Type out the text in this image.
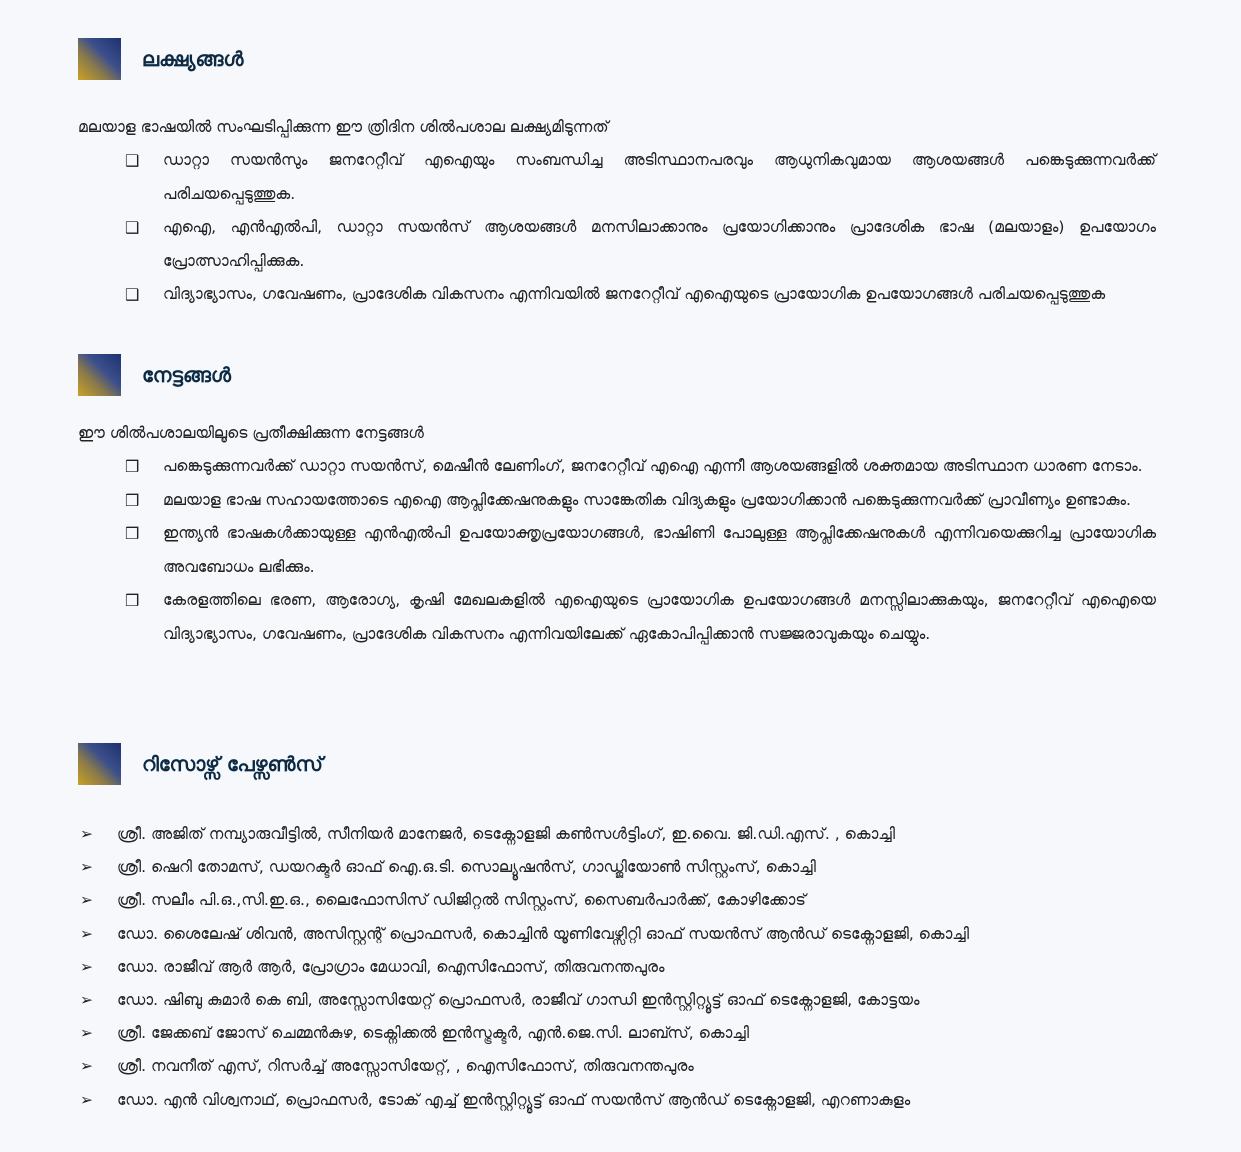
ലക്ഷ്യങ്ങൾ
മലയാള ഭാഷയിൽ സംഘടിപ്പിക്കുന്ന ഈ ത്രിദിന ശിൽപശാല ലക്ഷ്യമിടുന്നത്
❑	ഡാറ്റാ സയൻസും ജനറേറ്റീവ് എഐയും സംബന്ധിച്ച അടിസ്ഥാനപരവും ആധുനികവുമായ ആശയങ്ങൾ പങ്കെടുക്കുന്നവർക്ക് പരിചയപ്പെടുത്തുക.
❑	എഐ, എൻഎൽപി, ഡാറ്റാ സയൻസ് ആശയങ്ങൾ മനസിലാക്കാനും പ്രയോഗിക്കാനും പ്രാദേശിക ഭാഷ (മലയാളം) ഉപയോഗം പ്രോത്സാഹിപ്പിക്കുക.
❑	വിദ്യാഭ്യാസം, ഗവേഷണം, പ്രാദേശിക വികസനം എന്നിവയിൽ ജനറേറ്റീവ് എഐയുടെ പ്രായോഗിക ഉപയോഗങ്ങൾ പരിചയപ്പെടുത്തുക
നേട്ടങ്ങൾ
ഈ ശിൽപശാലയിലൂടെ പ്രതീക്ഷിക്കുന്ന നേട്ടങ്ങൾ
❒	പങ്കെടുക്കുന്നവർക്ക് ഡാറ്റാ സയൻസ്, മെഷീൻ ലേണിംഗ്, ജനറേറ്റീവ് എഐ എന്നീ ആശയങ്ങളിൽ ശക്തമായ അടിസ്ഥാന ധാരണ നേടാം.
❒	മലയാള ഭാഷ സഹായത്തോടെ എഐ ആപ്ലിക്കേഷനുകളും സാങ്കേതിക വിദ്യകളും പ്രയോഗിക്കാൻ പങ്കെടുക്കുന്നവർക്ക് പ്രാവീണ്യം ഉണ്ടാകും.
❒	ഇന്ത്യൻ ഭാഷകൾക്കായുള്ള എൻഎൽപി ഉപയോക്തൃപ്രയോഗങ്ങൾ, ഭാഷിണി പോലുള്ള ആപ്ലിക്കേഷനുകൾ എന്നിവയെക്കുറിച്ച പ്രായോഗിക അവബോധം ലഭിക്കും.
❒	കേരളത്തിലെ ഭരണ, ആരോഗ്യ, കൃഷി മേഖലകളിൽ എഐയുടെ പ്രായോഗിക ഉപയോഗങ്ങൾ മനസ്സിലാക്കുകയും, ജനറേറ്റീവ് എഐയെ വിദ്യാഭ്യാസം, ഗവേഷണം, പ്രാദേശിക വികസനം എന്നിവയിലേക്ക് ഏകോപിപ്പിക്കാൻ സജ്ജരാവുകയും ചെയ്യും.
റിസോഴ്സ് പേഴ്സൺസ്
➢	ശ്രീ. അജിത് നമ്പ്യാരുവീട്ടിൽ, സീനിയർ മാനേജർ, ടെക്നോളജി കൺസൾട്ടിംഗ്, ഇ.വൈ. ജി.ഡി.എസ്. , കൊച്ചി
➢	ശ്രീ. ഷെറി തോമസ്, ഡയറക്ടർ ഓഫ് ഐ.ഒ.ടി. സൊല്യൂഷൻസ്, ഗാഡ്ജിയോൺ സിസ്റ്റംസ്, കൊച്ചി
➢	ശ്രീ. സലീം പി.ഒ.,സി.ഇ.ഒ., ലൈഫോസിസ് ഡിജിറ്റൽ സിസ്റ്റംസ്, സൈബർപാർക്ക്, കോഴിക്കോട്
➢	ഡോ. ശൈലേഷ് ശിവൻ, അസിസ്റ്റന്റ് പ്രൊഫസർ, കൊച്ചിൻ യൂണിവേഴ്സിറ്റി ഓഫ് സയൻസ് ആൻഡ് ടെക്നോളജി, കൊച്ചി
➢	ഡോ. രാജീവ് ആർ ആർ, പ്രോഗ്രാം മേധാവി, ഐസിഫോസ്, തിരുവനന്തപുരം
➢	ഡോ. ഷിബു കുമാർ കെ ബി, അസ്സോസിയേറ്റ് പ്രൊഫസർ, രാജീവ് ഗാന്ധി ഇൻസ്റ്റിറ്റ്യൂട്ട് ഓഫ് ടെക്നോളജി, കോട്ടയം
➢	ശ്രീ. ജേക്കബ് ജോസ് ചെമ്മൻകുഴ, ടെക്നിക്കൽ ഇൻസ്ട്രക്ടർ, എൻ.ജെ.സി. ലാബ്സ്, കൊച്ചി
➢	ശ്രീ. നവനീത് എസ്, റിസർച്ച് അസ്സോസിയേറ്റ്, , ഐസിഫോസ്, തിരുവനന്തപുരം
➢	ഡോ. എൻ വിശ്വനാഥ്, പ്രൊഫസർ, ടോക് എച്ച് ഇൻസ്റ്റിറ്റ്യൂട്ട് ഓഫ് സയൻസ് ആൻഡ് ടെക്നോളജി, എറണാകുളം
